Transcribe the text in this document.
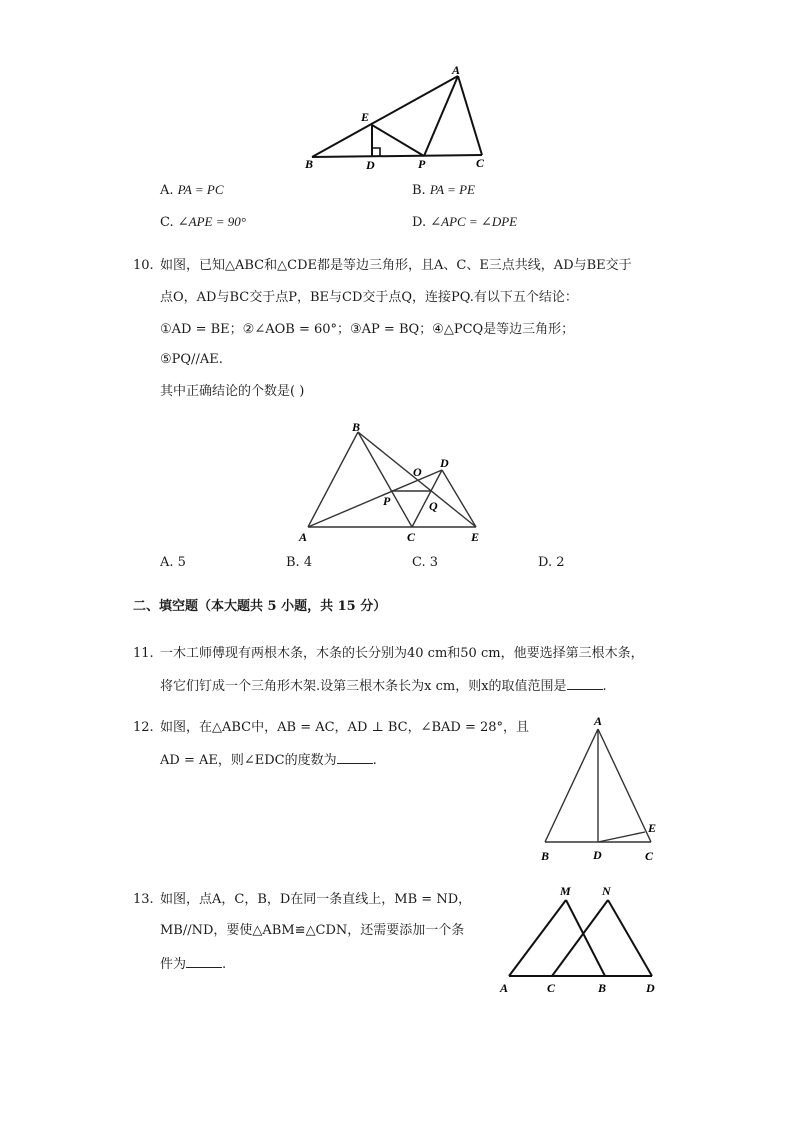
A
E
B	D	P	C
A. PA = PC	B. PA = PE
C. ∠APE = 90°	D. ∠APC = ∠DPE
10. 如图，已知△ABC和△CDE都是等边三角形，且A、C、E三点共线，AD与BE交于
点O，AD与BC交于点P，BE与CD交于点Q，连接PQ.有以下五个结论：
①AD = BE；②∠AOB = 60°；③AP = BQ；④△PCQ是等边三角形；
⑤PQ//AE.
其中正确结论的个数是( )
B
D
O
P	Q
A	C	E
A. 5	B. 4	C. 3	D. 2
二、填空题（本大题共 5 小题，共 15 分）
11. 一木工师傅现有两根木条，木条的长分别为40 cm和50 cm，他要选择第三根木条，
将它们钉成一个三角形木架.设第三根木条长为x cm，则x的取值范围是	.
12. 如图，在△ABC中，AB = AC，AD ⊥ BC，∠BAD = 28°，且
AD = AE，则∠EDC的度数为	.
A
E
B	D	C
13. 如图，点A，C，B，D在同一条直线上，MB = ND，
MB//ND，要使△ABM≌△CDN，还需要添加一个条
件为	.
M	N
A	C	B	D
